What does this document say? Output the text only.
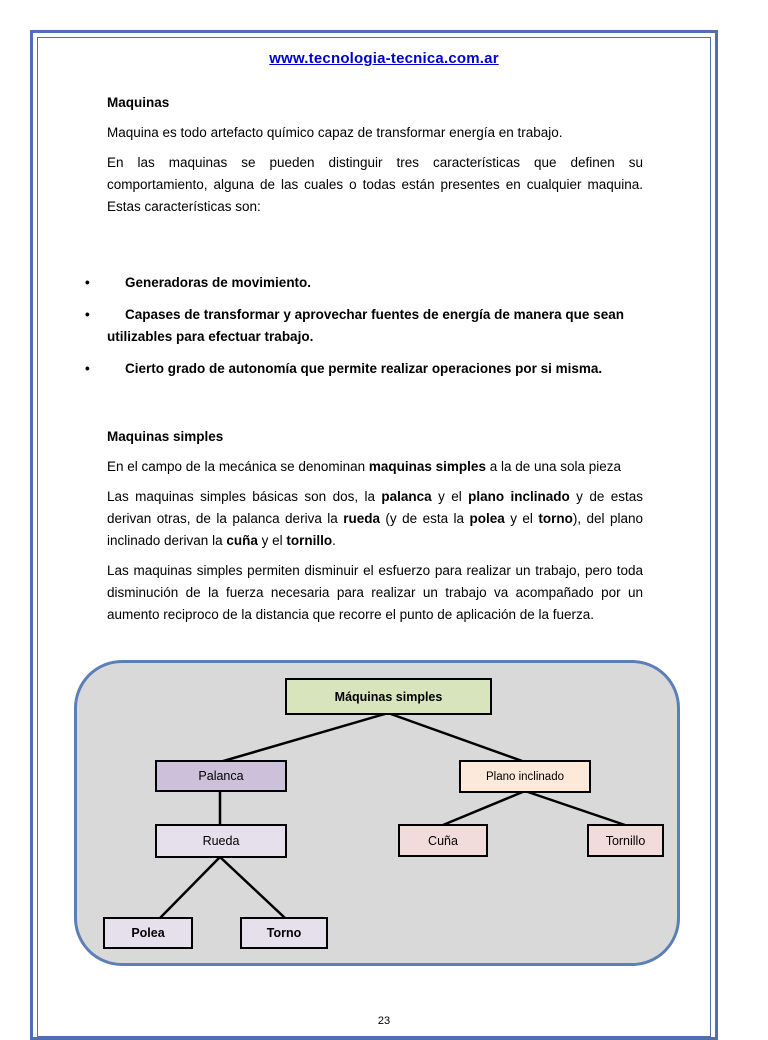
www.tecnologia-tecnica.com.ar
Maquinas

Maquina es todo artefacto químico capaz de transformar energía en trabajo.

En las maquinas se pueden distinguir tres características que definen su comportamiento, alguna de las cuales o todas están presentes en cualquier maquina. Estas características son:

•	Generadoras de movimiento.
•	Capases de transformar y aprovechar fuentes de energía de manera que sean utilizables para efectuar trabajo.
•	Cierto grado de autonomía que permite realizar operaciones por si misma.
Maquinas simples

En el campo de la mecánica se denominan maquinas simples a la de una sola pieza

Las maquinas simples básicas son dos, la palanca y el plano inclinado y de estas derivan otras, de la palanca deriva la rueda (y de esta la polea y el torno), del plano inclinado derivan la cuña y el tornillo.

Las maquinas simples permiten disminuir el esfuerzo para realizar un trabajo, pero toda disminución de la fuerza necesaria para realizar un trabajo va acompañado por un aumento reciproco de la distancia que recorre el punto de aplicación de la fuerza.

Máquinas simples
Palanca	Plano inclinado
Rueda	Cuña	Tornillo
Polea	Torno
23
